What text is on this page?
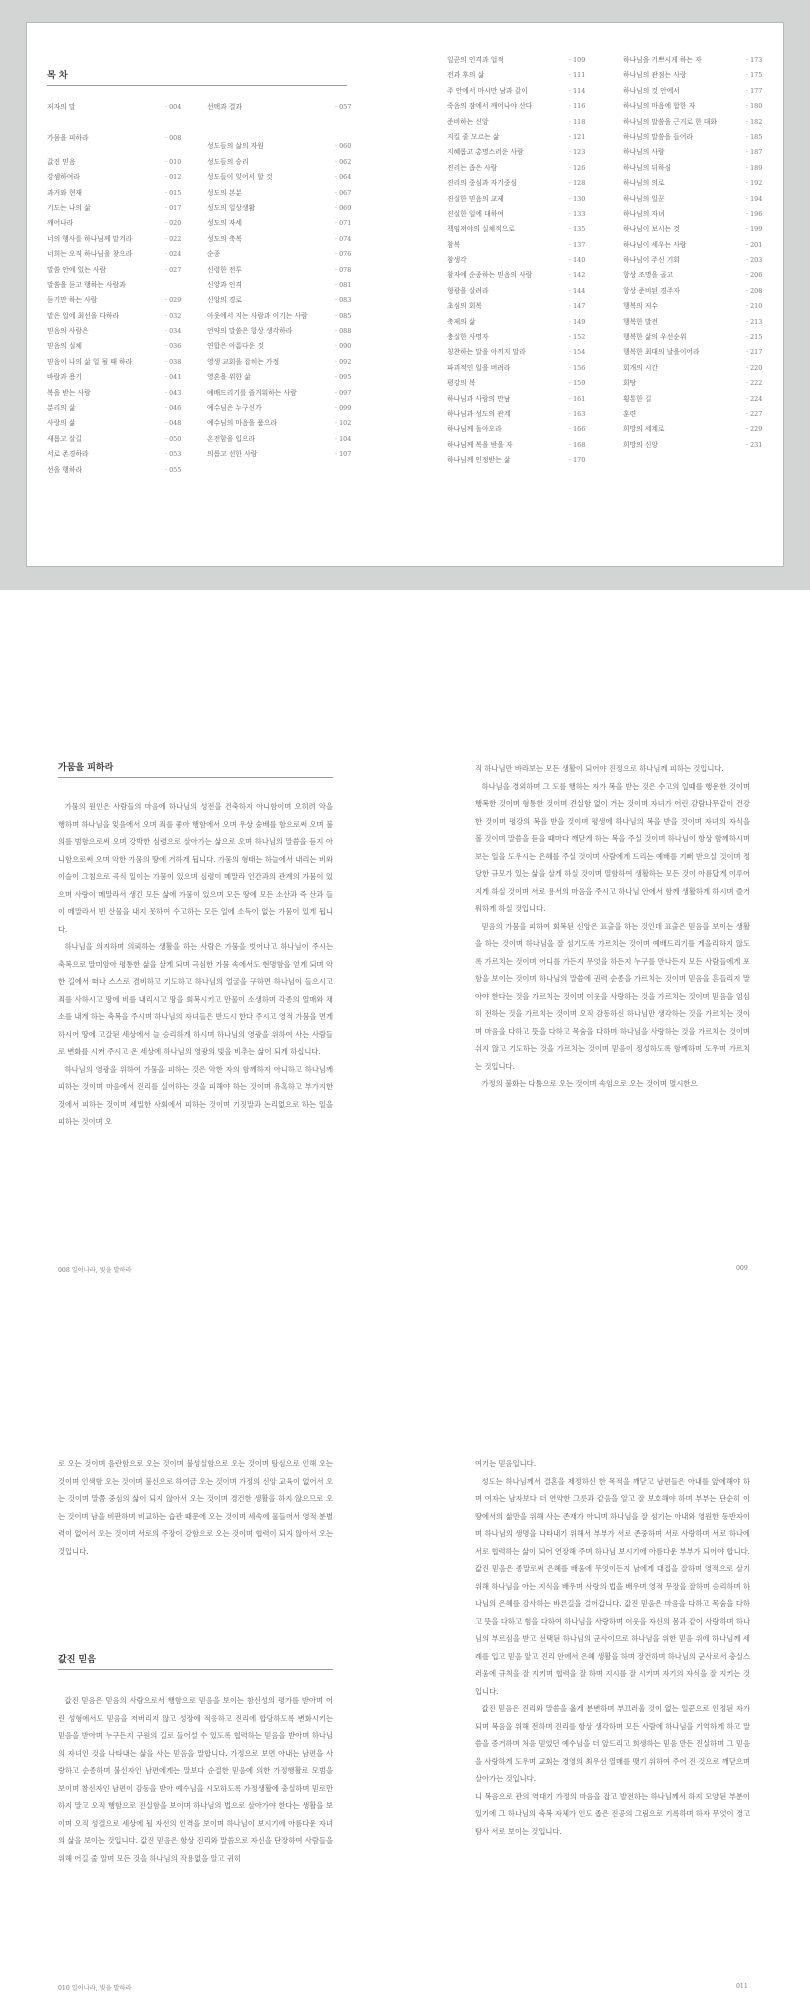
목 차
저자의 말	· 004
가뭄을 피하라	· 008
값진 믿음	· 010
강셈하여라	· 012
과거와 현재	· 015
기도는 나의 삶	· 017
깨어나라	· 020
너의 행사를 하나님께 맡겨라	· 022
너희는 오직 하나님을 찾으라	· 024
말씀 안에 있는 사람	· 027
말씀을 듣고 행하는 사람과
듣기만 하는 사람	· 029
맡은 일에 최선을 다하라	· 032
믿음의 사람은	· 034
믿음의 실체	· 036
믿음이 나의 삶 일 될 때 하라	· 038
바람과 용기	· 041
복을 받는 사람	· 043
분리의 삶	· 046
사랑의 삶	· 048
새롭고 살길	· 050
서로 존경하라	· 053
선을 행하라	· 055
선택과 결과	· 057
성도들의 삶의 자원	· 060
성도들의 승리	· 062
성도들이 잊어서 할 것	· 064
성도의 본분	· 067
성도의 일상생활	· 069
성도의 자세	· 071
성도의 축복	· 074
순종	· 076
신령한 전투	· 078
신앙과 인격	· 081
신앙의 경로	· 083
아웃에서 지는 사람과 이기는 사람	· 085
언약의 말씀은 항상 생각하라	· 088
연합은 아름다운 것	· 090
영생 교회을 잡히는 가정	· 092
영혼을 위한 삶	· 095
예배드리기를 즐거워하는 사람	· 097
예수님은 누구신가	· 099
예수님의 마음을 품으라	· 102
온전함을 입으라	· 104
의롭고 선한 사람	· 107
일꾼의 인격과 업적	· 109
전과 후의 삶	· 111
주 안에서 마시만 남과 같이	· 114
죽음의 잠에서 깨어나야 산다	· 116
준비하는 신앙	· 118
지킬 줄 모르는 삶	· 121
지혜롭고 총명스러운 사람	· 123
진리는 좁은 사람	· 126
진리의 중심과 자기중심	· 128
진실한 믿음의 교제	· 130
진실한 일에 대하여	· 133
책임져야의 실체적으로	· 135
참복	· 137
참생각	· 140
참자에 순종하는 믿음의 사람	· 142
형광을 살려라	· 144
초심의 회복	· 147
축제의 삶	· 149
충실한 사명자	· 152
칭찬하는 말을 아끼지 말라	· 154
파괴적인 일을 버려라	· 156
평강의 복	· 159
하나님과 사람의 만남	· 161
하나님과 성도의 관계	· 163
하나님께 돌아오라	· 166
하나님께 복을 받을 자	· 168
하나님께 인정받는 삶	· 170
하나님을 기쁘시게 하는 자	· 173
하나님의 관점는 사랑	· 175
하나님의 것 안에서	· 177
하나님의 마음에 합한 자	· 180
하나님의 말씀을 근거로 한 대화	· 182
하나님의 말씀을 들어라	· 185
하나님의 사람	· 187
하나님의 뒤하심	· 189
하나님의 의로	· 192
하나님의 일꾼	· 194
하나님의 자녀	· 196
하나님이 보시는 것	· 199
하나님이 세우는 사람	· 201
하나님이 주신 기회	· 203
항상 조명을 골고	· 206
항상 준비된 경주자	· 208
행복의 저수	· 210
행복한 발전	· 213
행복한 삶의 우선순위	· 215
행복한 최대의 날을이어라	· 217
회개의 시간	· 220
회탕	· 222
횡통한 길	· 224
훈련	· 227
희망의 세계로	· 229
희망의 신앙	· 231
가뭄을 피하라

가뭄의 원인은 사람들의 마음에 하나님의 성전을 건축하지 아니함이며 오히려 악을 행하며 하나님을 잊음에서 오며 죄를 좋아 행함에서 오며 우상 숭배를 함으로써 오며 불의를 범함으로써 오며 강박한 심령으로 살아가는 삶으로 오며 하나님의 말씀을 듣지 아니함으로써 오며 악한 가뭄의 땅에 거하게 됩니다. 가뭄의 형태는 하늘에서 내리는 비와 이슬이 그침으로 곡식 일이는 가뭄이 있으며 심령이 메말라 인간과의 관계의 가뭄이 있으며 사랑이 메말라서 생긴 모든 삶에 가뭄이 있으며 모든 땅에 모든 소산과 즉 산과 들이 메말라서 빈 산물을 내지 못하여 수고하는 모든 일에 소득이 없는 가뭄이 있게 됩니다.

하나님을 의지하며 의뢰하는 생활을 하는 사람은 가뭄을 벗어나고 하나님이 주시는 축복으로 말미암아 평통한 삶을 살게 되며 극심한 가뭄 속에서도 현명함을 얻게 되며 악한 길에서 떠나 스스로 겸비하고 기도하고 하나님의 얼굴을 구하면 하나님이 들으시고 죄를 사하시고 땅에 비를 내리시고 땅을 회복시키고 만물이 소생하며 각종의 열매와 채소를 내게 하는 축복을 주시며 하나님의 자녀들은 반드시 한다 주시고 영적 가뭄을 면게 하시어 땅에 고갈된 세상에서 늘 승리하게 하시며 하나님의 영광을 위하여 사는 사람들로 변화를 시켜 주시고 온 세상에 하나님의 영광의 빛을 비추는 삶이 되게 하십니다.

하나님의 영광을 위하여 가뭄을 피하는 것은 악한 자의 함께하지 아니하고 하나님께 피하는 것이며 마음에서 진리를 실어하는 것을 피해야 하는 것이며 유혹하고 부가지한 것에서 피하는 것이며 세밀한 사회에서 피하는 것이며 기짓말과 논리없으로 하는 일을 피하는 것이며 오

직 하나님만 바라보는 모든 생활이 되어야 진정으로 하나님께 피하는 것입니다.

하나님을 경외하며 그 도를 행하는 자가 복을 받는 것은 수고의 일때를 행운한 것이며 행복한 것이며 형통한 것이며 견실함 없이 거는 것이며 자녀가 어린 감람나무같이 건강한 것이며 평강의 복을 받을 것이며 평생에 하나님의 복을 받을 것이며 자녀의 자식을 볼 것이며 말씀을 듣을 때마다 깨닫게 하는 복을 주실 것이며 하나님이 항상 함께하시며 보는 일을 도우시는 은혜를 주실 것이며 사람에게 드리는 예배를 기뻐 받으실 것이며 정당한 규모가 있는 삶을 살게 하실 것이며 열함하여 생활하는 모든 것이 아름답게 이루어지게 하실 것이며 서로 용서의 마음을 주시고 하나님 안에서 함께 생활하게 하시며 즐거워하게 하실 것입니다.

믿음의 가뭄을 피하여 회복된 신앙은 표출을 하는 것인데 표출은 믿음을 보이는 생활을 하는 것이며 하나님을 잘 섬기도록 가르치는 것이며 예배드리기를 게을리하지 않도록 가르치는 것이며 어디를 가든지 무엇을 하든지 누구를 만나든지 모든 사람들에게 포함을 보이는 것이며 하나님의 말씀에 권력 순종을 가르치는 것이며 믿음을 흔들리지 말아야 한다는 것을 가르치는 것이며 이웃을 사랑하는 것을 가르치는 것이며 믿음을 엄심히 전하는 것을 가르치는 것이며 오직 감동하신 하나님만 생각하는 것을 가르치는 것이며 마음을 다하고 뜻을 다하고 목숨을 다하며 하나님을 사랑하는 것을 가르치는 것이며 쉬지 않고 기도하는 것을 가르치는 것이며 믿음이 정성하도록 함께하며 도우며 가르치는 것입니다.

가정의 불화는 다툼으로 오는 것이며 속임으로 오는 것이며 멸시한으

008 일어나라, 빛을 발하라	009

로 오는 것이며 음란함으로 오는 것이며 불성실함으로 오는 것이며 탐심으로 인해 오는 것이며 인색함 오는 것이며 불신으로 하여금 오는 것이며 가정의 신앙 교육이 없어서 오는 것이며 말쯤 중심의 삶이 되지 않아서 오는 것이며 경건한 생활을 하지 않으므로 오는 것이며 남을 비판하며 비교하는 습관 때문에 오는 것이며 세속에 물들어서 영적 분별력이 없어서 오는 것이며 서로의 주장이 강함으로 오는 것이며 협력이 되지 않아서 오는 것입니다.

값진 믿음

값진 믿음은 믿음의 사람으로서 행함으로 믿음을 보이는 참신성의 평가를 받아며 어린 성형에서도 믿음을 저버리지 않고 성장에 적응하고 진리에 합당하도록 변화시키는 믿음을 받아며 누구든지 구원의 길로 들어설 수 있도록 협력하는 믿음을 받아며 하나님의 자녀인 것을 나타내는 삶을 사는 믿음을 말합니다. 가정으로 보면 아내는 남편을 사랑하고 순종하며 불신자인 남편에게는 말보다 순결한 믿음에 의한 가정행활로 모범을 보이며 참신자인 남편이 감동을 받아 예수님을 시모하도록 가정생활에 충실하며 믿로만 하지 말고 오직 행함으로 진실함을 보이며 하나님의 법으로 살아가야 한다는 생활을 보이며 오직 성결으로 세상에 될 자신의 인격을 보이며 하나님이 보시기에 아름다운 자녀의 삶을 보이는 것입니다. 값진 믿음은 항상 진리와 말씀으로 자신을 단장하여 사람들을 위해 어길 줄 알며 모든 것을 하나님의 작용없을 알고 귀히

여기는 믿음입니다.

성도는 하나님께서 결혼을 제정하신 한 목적을 깨닫고 남편들은 아내를 앞에해야 하며 여자는 남자보다 더 연약한 그릇과 같음을 알고 잘 보호해야 하며 부부는 단순히 이 땅에서의 삶만을 위해 사는 존재가 아니며 하나님을 잘 섬기는 아내와 영원한 동반자이며 하나님의 생명을 나타내기 위해서 부부가 서로 존중하며 서로 사랑하며 서로 하나에 서로 협력하는 삶이 되어 연장해 주며 하나님 보시기에 아름다운 부부가 되어야 합니다. 값진 믿음은 종말로써 은혜를 배움에 무엇이든지 남에게 대접을 잘하며 영적으로 살기 위해 하나님을 아는 지식을 배우며 사랑의 법을 배우며 영적 무장을 잘하며 승리하며 하나님의 은혜를 감사하는 바른길을 걸어갑니다. 값진 믿음은 마음을 다하고 목숨을 다하고 뜻을 다하고 힘을 다하여 하나님을 사랑하며 이웃을 자신의 몸과 같이 사랑하며 하나님의 부르심을 받고 선택된 하나님의 군사이므로 하나님을 위한 믿음 위에 하나님께 세례를 입고 믿음 앞고 진리 안에서 은혜 생활을 하며 장건하며 하나님의 군사로서 충실스러움에 규칙을 잘 지키며 협력을 잘 하며 지시를 잘 시키며 자기의 자식을 잘 지키는 것입니다.

값진 믿음은 진리와 말씀을 옳게 분변하며 부끄러울 것이 없는 일꾼으로 인정된 자가 되며 복음을 위해 전하며 진리를 항상 생각하며 모든 사람에 하나님을 기억하게 하고 말씀을 증거하며 처음 믿었던 예수님을 더 앞드리고 희생하는 믿음 만든 진실하며 그 믿음을 사랑하게 도우며 교회는 경영의 최우선 열매를 맺기 위하여 주어 진 것으로 깨닫으며 살아가는 것입니다.

니 복음으로 관의 역대기 가정의 마음을 잡고 발전하는 하나님께서 하지 모양된 부분이 있기에 그 하나님의 축복 자체가 인도 좁은 진공의 그림으로 기록하며 하자 무엇이 경고 탐사 서로 보이는 것입니다.

010 일어나라, 빛을 발하라	011
